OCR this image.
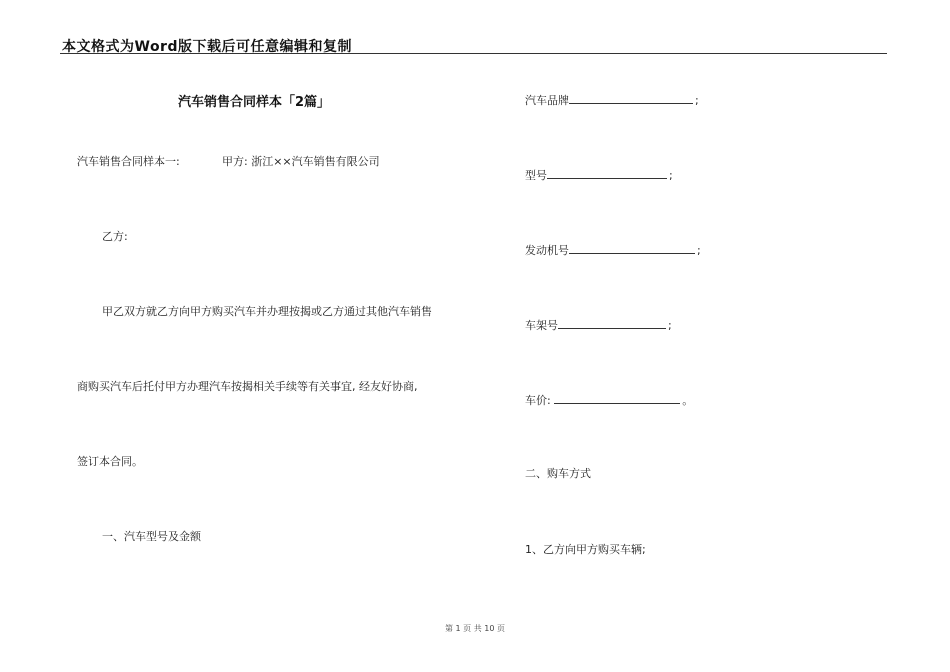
本文格式为Word版下载后可任意编辑和复制
汽车销售合同样本「2篇」
汽车销售合同样本一:	甲方: 浙江××汽车销售有限公司
乙方:
甲乙双方就乙方向甲方购买汽车并办理按揭或乙方通过其他汽车销售
商购买汽车后托付甲方办理汽车按揭相关手续等有关事宜, 经友好协商,
签订本合同。
一、汽车型号及金额
汽车品牌	;
型号	;
发动机号	;
车架号	;
车价:	。
二、购车方式
1、乙方向甲方购买车辆;
第 1 页 共 10 页
